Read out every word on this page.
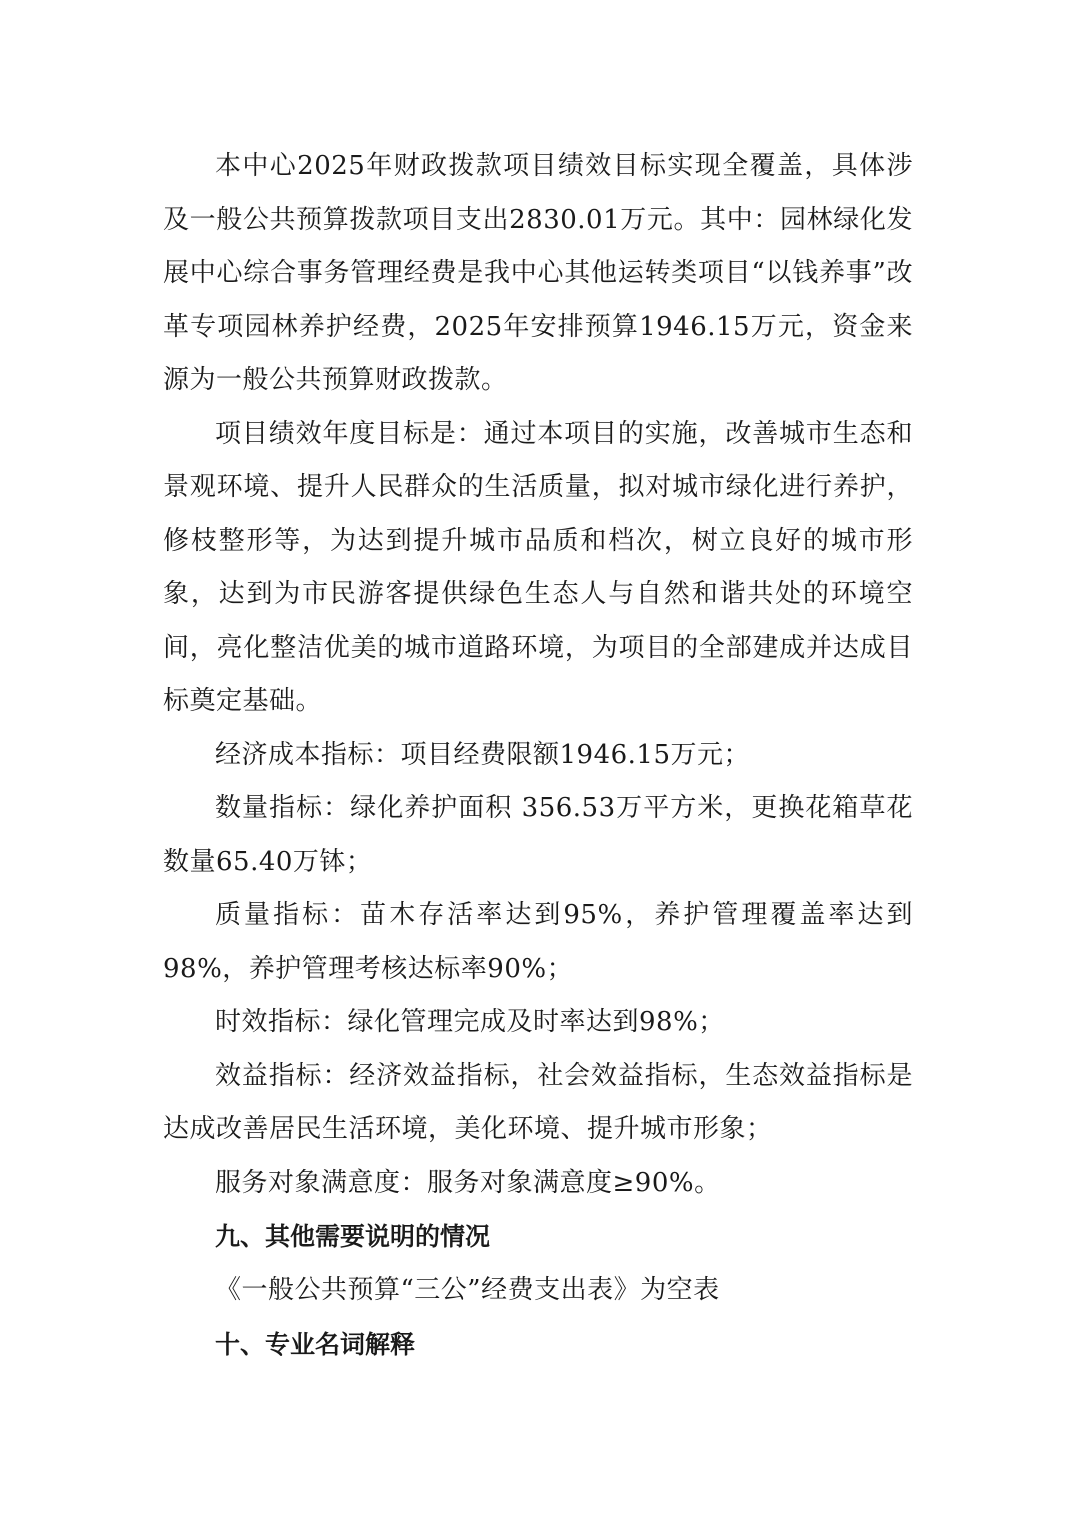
本中心2025年财政拨款项目绩效目标实现全覆盖，具体涉及一般公共预算拨款项目支出2830.01万元。其中：园林绿化发展中心综合事务管理经费是我中心其他运转类项目“以钱养事”改革专项园林养护经费，2025年安排预算1946.15万元，资金来源为一般公共预算财政拨款。

项目绩效年度目标是：通过本项目的实施，改善城市生态和景观环境、提升人民群众的生活质量，拟对城市绿化进行养护，修枝整形等，为达到提升城市品质和档次，树立良好的城市形象，达到为市民游客提供绿色生态人与自然和谐共处的环境空间，亮化整洁优美的城市道路环境，为项目的全部建成并达成目标奠定基础。

经济成本指标：项目经费限额1946.15万元；

数量指标：绿化养护面积 356.53万平方米，更换花箱草花数量65.40万钵；

质量指标：苗木存活率达到95%，养护管理覆盖率达到98%，养护管理考核达标率90%；

时效指标：绿化管理完成及时率达到98%；

效益指标：经济效益指标，社会效益指标，生态效益指标是达成改善居民生活环境，美化环境、提升城市形象；

服务对象满意度：服务对象满意度≥90%。

九、其他需要说明的情况

《一般公共预算“三公”经费支出表》为空表

十、专业名词解释
